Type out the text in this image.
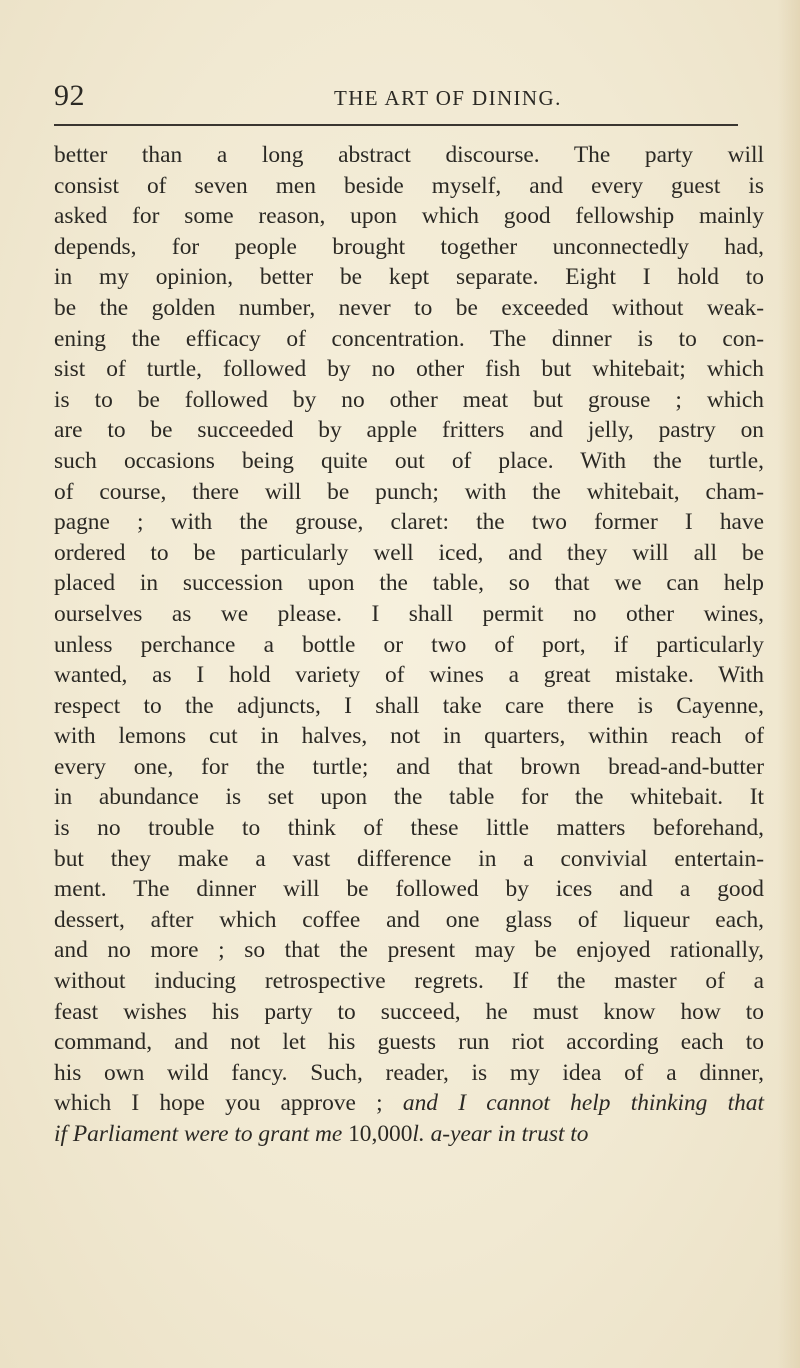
92	THE ART OF DINING.
better than a long abstract discourse. The party will
consist of seven men beside myself, and every guest is
asked for some reason, upon which good fellowship mainly
depends, for people brought together unconnectedly had,
in my opinion, better be kept separate. Eight I hold to
be the golden number, never to be exceeded without weak-
ening the efficacy of concentration. The dinner is to con-
sist of turtle, followed by no other fish but whitebait; which
is to be followed by no other meat but grouse ; which
are to be succeeded by apple fritters and jelly, pastry on
such occasions being quite out of place. With the turtle,
of course, there will be punch; with the whitebait, cham-
pagne ; with the grouse, claret: the two former I have
ordered to be particularly well iced, and they will all be
placed in succession upon the table, so that we can help
ourselves as we please. I shall permit no other wines,
unless perchance a bottle or two of port, if particularly
wanted, as I hold variety of wines a great mistake. With
respect to the adjuncts, I shall take care there is Cayenne,
with lemons cut in halves, not in quarters, within reach of
every one, for the turtle; and that brown bread-and-butter
in abundance is set upon the table for the whitebait. It
is no trouble to think of these little matters beforehand,
but they make a vast difference in a convivial entertain-
ment. The dinner will be followed by ices and a good
dessert, after which coffee and one glass of liqueur each,
and no more ; so that the present may be enjoyed rationally,
without inducing retrospective regrets. If the master of a
feast wishes his party to succeed, he must know how to
command, and not let his guests run riot according each to
his own wild fancy. Such, reader, is my idea of a dinner,
which I hope you approve ; and I cannot help thinking that
if Parliament were to grant me 10,000l. a-year in trust to
